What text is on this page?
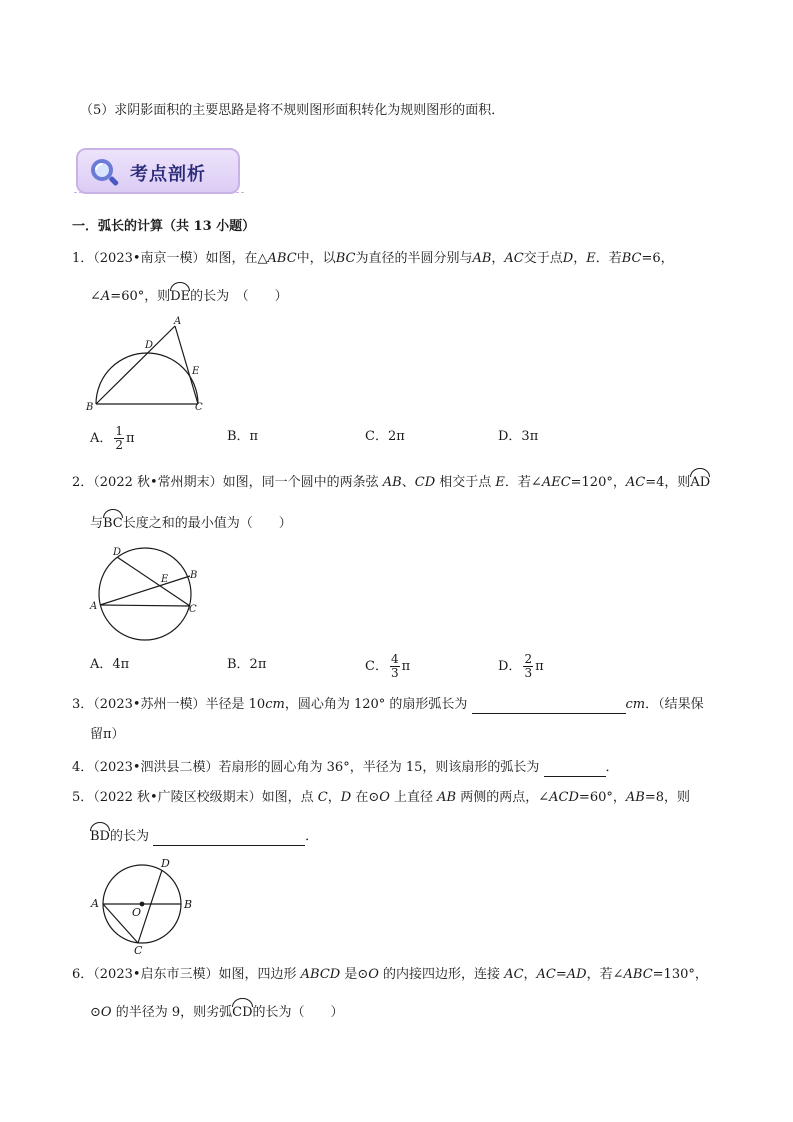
（5）求阴影面积的主要思路是将不规则图形面积转化为规则图形的面积．
考点剖析
一．弧长的计算（共 13 小题）
1．（2023•南京一模）如图，在△ABC中，以BC为直径的半圆分别与AB，AC交于点D，E．若BC=6，
∠A=60°，则DE的长为　（　　）
A
B	C
D
E
A． $\frac{1}{2}$ π	B．π	C．2π	D．3π
2．（2022 秋•常州期末）如图，同一个圆中的两条弦 AB、CD 相交于点 E．若∠AEC=120°，AC=4，则AD
与BC长度之和的最小值为（　　）
D
B
A	C
E
A．4π	B．2π	C． $\frac{4}{3}$ π	D． $\frac{2}{3}$ π
3．（2023•苏州一模）半径是 10cm，圆心角为 120° 的扇形弧长为	cm．（结果保
留π）
4．（2023•泗洪县二模）若扇形的圆心角为 36°，半径为 15，则该扇形的弧长为	．
5．（2022 秋•广陵区校级期末）如图，点 C，D 在⊙O 上直径 AB 两侧的两点，∠ACD=60°，AB=8，则
BD的长为	．
A	B
D
C
O
6．（2023•启东市三模）如图，四边形 ABCD 是⊙O 的内接四边形，连接 AC，AC=AD，若∠ABC=130°，
⊙O 的半径为 9，则劣弧CD的长为（　　）
